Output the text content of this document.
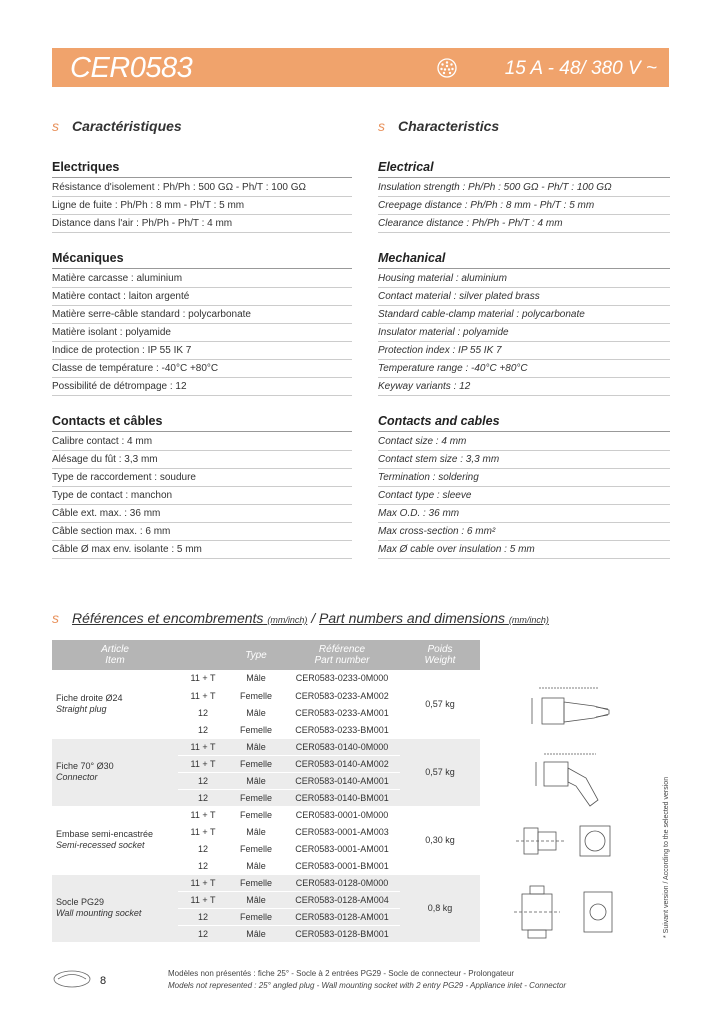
CER0583	15 A - 48/ 380 V ~
s Caractéristiques
Electriques
Résistance d'isolement : Ph/Ph : 500 GΩ - Ph/T : 100 GΩ
Ligne de fuite : Ph/Ph : 8 mm - Ph/T : 5 mm
Distance dans l'air : Ph/Ph - Ph/T : 4 mm
Mécaniques
Matière carcasse : aluminium
Matière contact : laiton argenté
Matière serre-câble standard : polycarbonate
Matière isolant : polyamide
Indice de protection : IP 55 IK 7
Classe de température : -40°C +80°C
Possibilité de détrompage : 12
Contacts et câbles
Calibre contact : 4 mm
Alésage du fût : 3,3 mm
Type de raccordement : soudure
Type de contact : manchon
Câble ext. max. : 36 mm
Câble section max. : 6 mm
Câble Ø max env. isolante : 5 mm
s Characteristics
Electrical
Insulation strength : Ph/Ph : 500 GΩ - Ph/T : 100 GΩ
Creepage distance : Ph/Ph : 8 mm - Ph/T : 5 mm
Clearance distance : Ph/Ph - Ph/T : 4 mm
Mechanical
Housing material : aluminium
Contact material : silver plated brass
Standard cable-clamp material : polycarbonate
Insulator material : polyamide
Protection index : IP 55 IK 7
Temperature range : -40°C +80°C
Keyway variants : 12
Contacts and cables
Contact size : 4 mm
Contact stem size : 3,3 mm
Termination : soldering
Contact type : sleeve
Max O.D. : 36 mm
Max cross-section : 6 mm²
Max Ø cable over insulation : 5 mm
s Références et encombrements (mm/inch) / Part numbers and dimensions (mm/inch)
Article
Item		Type	Référence
Part number	Poids
Weight
Fiche droite Ø24
Straight plug	11 + T	Mâle	CER0583-0233-0M000	0,57 kg
	11 + T	Femelle	CER0583-0233-AM002	
	12	Mâle	CER0583-0233-AM001	
	12	Femelle	CER0583-0233-BM001	
Fiche 70° Ø30
Connector	11 + T	Mâle	CER0583-0140-0M000	0,57 kg
	11 + T	Femelle	CER0583-0140-AM002	
	12	Mâle	CER0583-0140-AM001	
	12	Femelle	CER0583-0140-BM001	
Embase semi-encastrée
Semi-recessed socket	11 + T	Femelle	CER0583-0001-0M000	0,30 kg
	11 + T	Mâle	CER0583-0001-AM003	
	12	Femelle	CER0583-0001-AM001	
	12	Mâle	CER0583-0001-BM001	
Socle PG29
Wall mounting socket	11 + T	Femelle	CER0583-0128-0M000	0,8 kg
	11 + T	Mâle	CER0583-0128-AM004	
	12	Femelle	CER0583-0128-AM001	
	12	Mâle	CER0583-0128-BM001		* Suivant version / According to the selected version
8
Modèles non présentés : fiche 25° - Socle à 2 entrées PG29 - Socle de connecteur - Prolongateur
Models not represented : 25° angled plug - Wall mounting socket with 2 entry PG29 - Appliance inlet - Connector
